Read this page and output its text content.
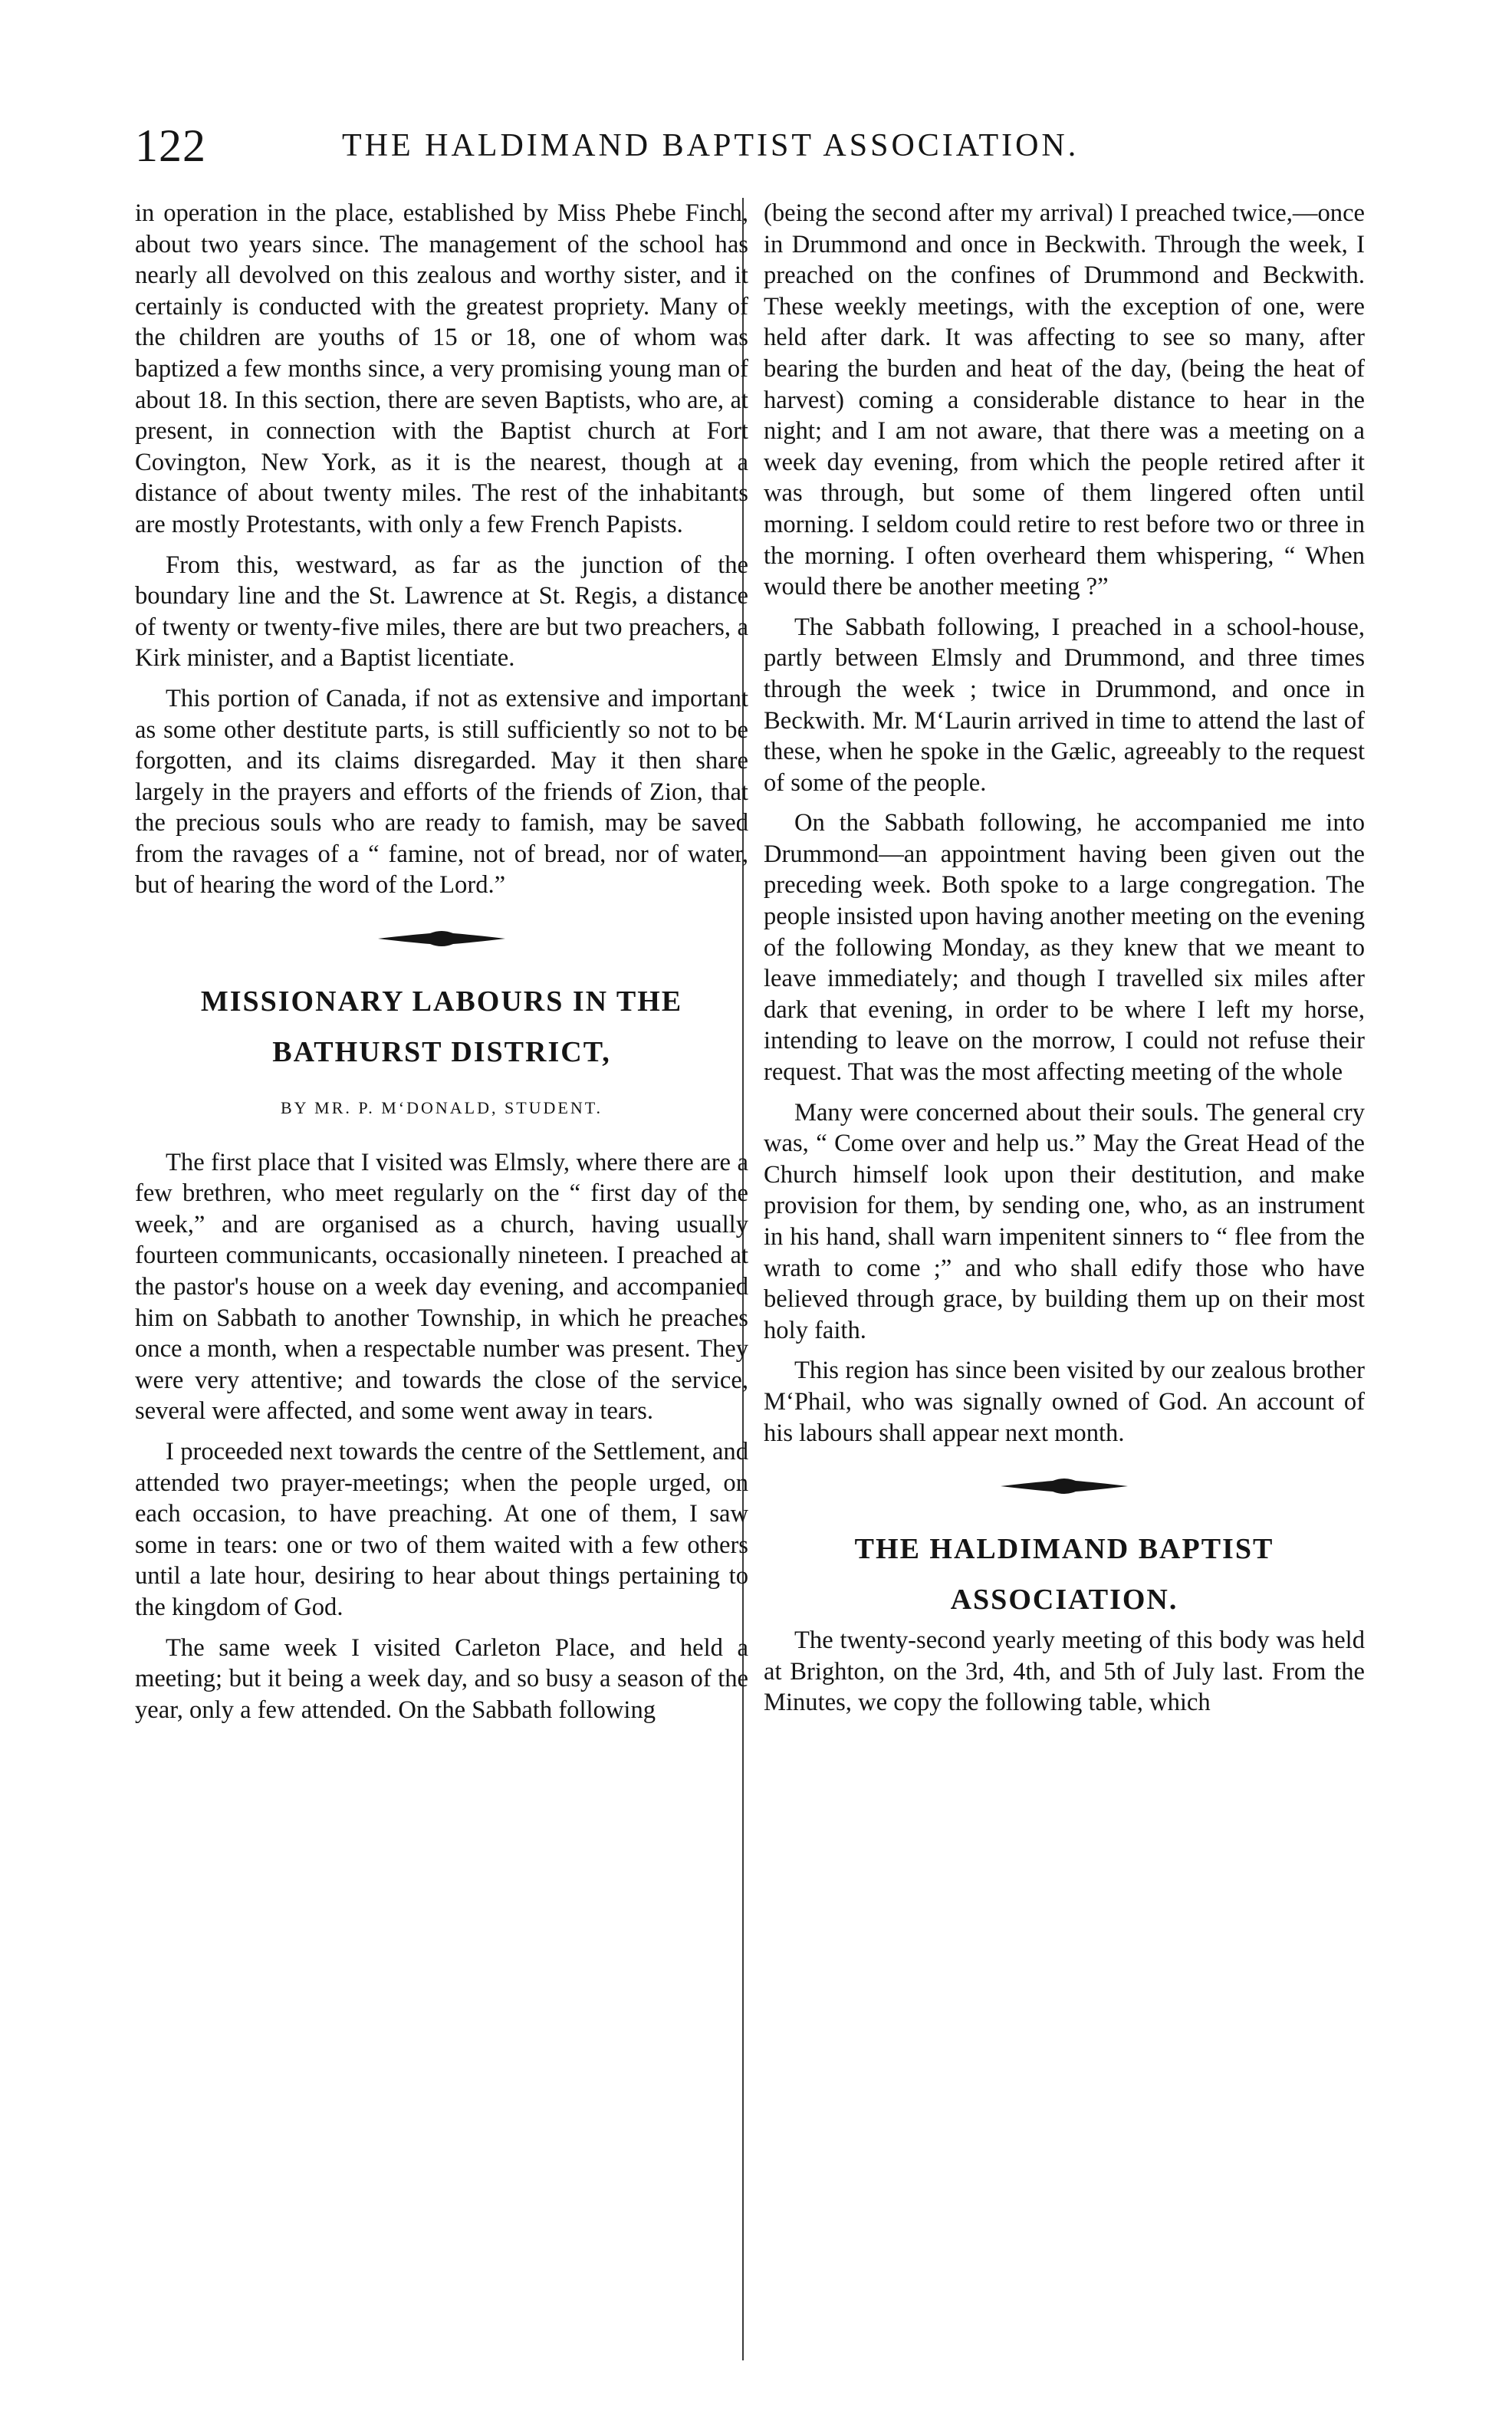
122	THE HALDIMAND BAPTIST ASSOCIATION.

in operation in the place, established by Miss Phebe Finch, about two years since. The management of the school has nearly all devolved on this zealous and worthy sister, and it certainly is conducted with the greatest propriety. Many of the children are youths of 15 or 18, one of whom was baptized a few months since, a very promising young man of about 18. In this section, there are seven Baptists, who are, at present, in connection with the Baptist church at Fort Covington, New York, as it is the nearest, though at a distance of about twenty miles. The rest of the inhabitants are mostly Protestants, with only a few French Papists.

From this, westward, as far as the junction of the boundary line and the St. Lawrence at St. Regis, a distance of twenty or twenty-five miles, there are but two preachers, a Kirk minister, and a Baptist licentiate.

This portion of Canada, if not as extensive and important as some other destitute parts, is still sufficiently so not to be forgotten, and its claims disregarded. May it then share largely in the prayers and efforts of the friends of Zion, that the precious souls who are ready to famish, may be saved from the ravages of a “ famine, not of bread, nor of water, but of hearing the word of the Lord.”

MISSIONARY LABOURS IN THE
BATHURST DISTRICT,
BY MR. P. M‘DONALD, STUDENT.

The first place that I visited was Elmsly, where there are a few brethren, who meet regularly on the “ first day of the week,” and are organised as a church, having usually fourteen communicants, occasionally nineteen. I preached at the pastor's house on a week day evening, and accompanied him on Sabbath to another Township, in which he preaches once a month, when a respectable number was present. They were very attentive; and towards the close of the service, several were affected, and some went away in tears.

I proceeded next towards the centre of the Settlement, and attended two prayer-meetings; when the people urged, on each occasion, to have preaching. At one of them, I saw some in tears: one or two of them waited with a few others until a late hour, desiring to hear about things pertaining to the kingdom of God.

The same week I visited Carleton Place, and held a meeting; but it being a week day, and so busy a season of the year, only a few attended. On the Sabbath following

(being the second after my arrival) I preached twice,—once in Drummond and once in Beckwith. Through the week, I preached on the confines of Drummond and Beckwith. These weekly meetings, with the exception of one, were held after dark. It was affecting to see so many, after bearing the burden and heat of the day, (being the heat of harvest) coming a considerable distance to hear in the night; and I am not aware, that there was a meeting on a week day evening, from which the people retired after it was through, but some of them lingered often until morning. I seldom could retire to rest before two or three in the morning. I often overheard them whispering, “ When would there be another meeting ?”

The Sabbath following, I preached in a school-house, partly between Elmsly and Drummond, and three times through the week ; twice in Drummond, and once in Beckwith. Mr. M‘Laurin arrived in time to attend the last of these, when he spoke in the Gælic, agreeably to the request of some of the people.

On the Sabbath following, he accompanied me into Drummond—an appointment having been given out the preceding week. Both spoke to a large congregation. The people insisted upon having another meeting on the evening of the following Monday, as they knew that we meant to leave immediately; and though I travelled six miles after dark that evening, in order to be where I left my horse, intending to leave on the morrow, I could not refuse their request. That was the most affecting meeting of the whole

Many were concerned about their souls. The general cry was, “ Come over and help us.” May the Great Head of the Church himself look upon their destitution, and make provision for them, by sending one, who, as an instrument in his hand, shall warn impenitent sinners to “ flee from the wrath to come ;” and who shall edify those who have believed through grace, by building them up on their most holy faith.

This region has since been visited by our zealous brother M‘Phail, who was signally owned of God. An account of his labours shall appear next month.

THE HALDIMAND BAPTIST
ASSOCIATION.

The twenty-second yearly meeting of this body was held at Brighton, on the 3rd, 4th, and 5th of July last. From the Minutes, we copy the following table, which
